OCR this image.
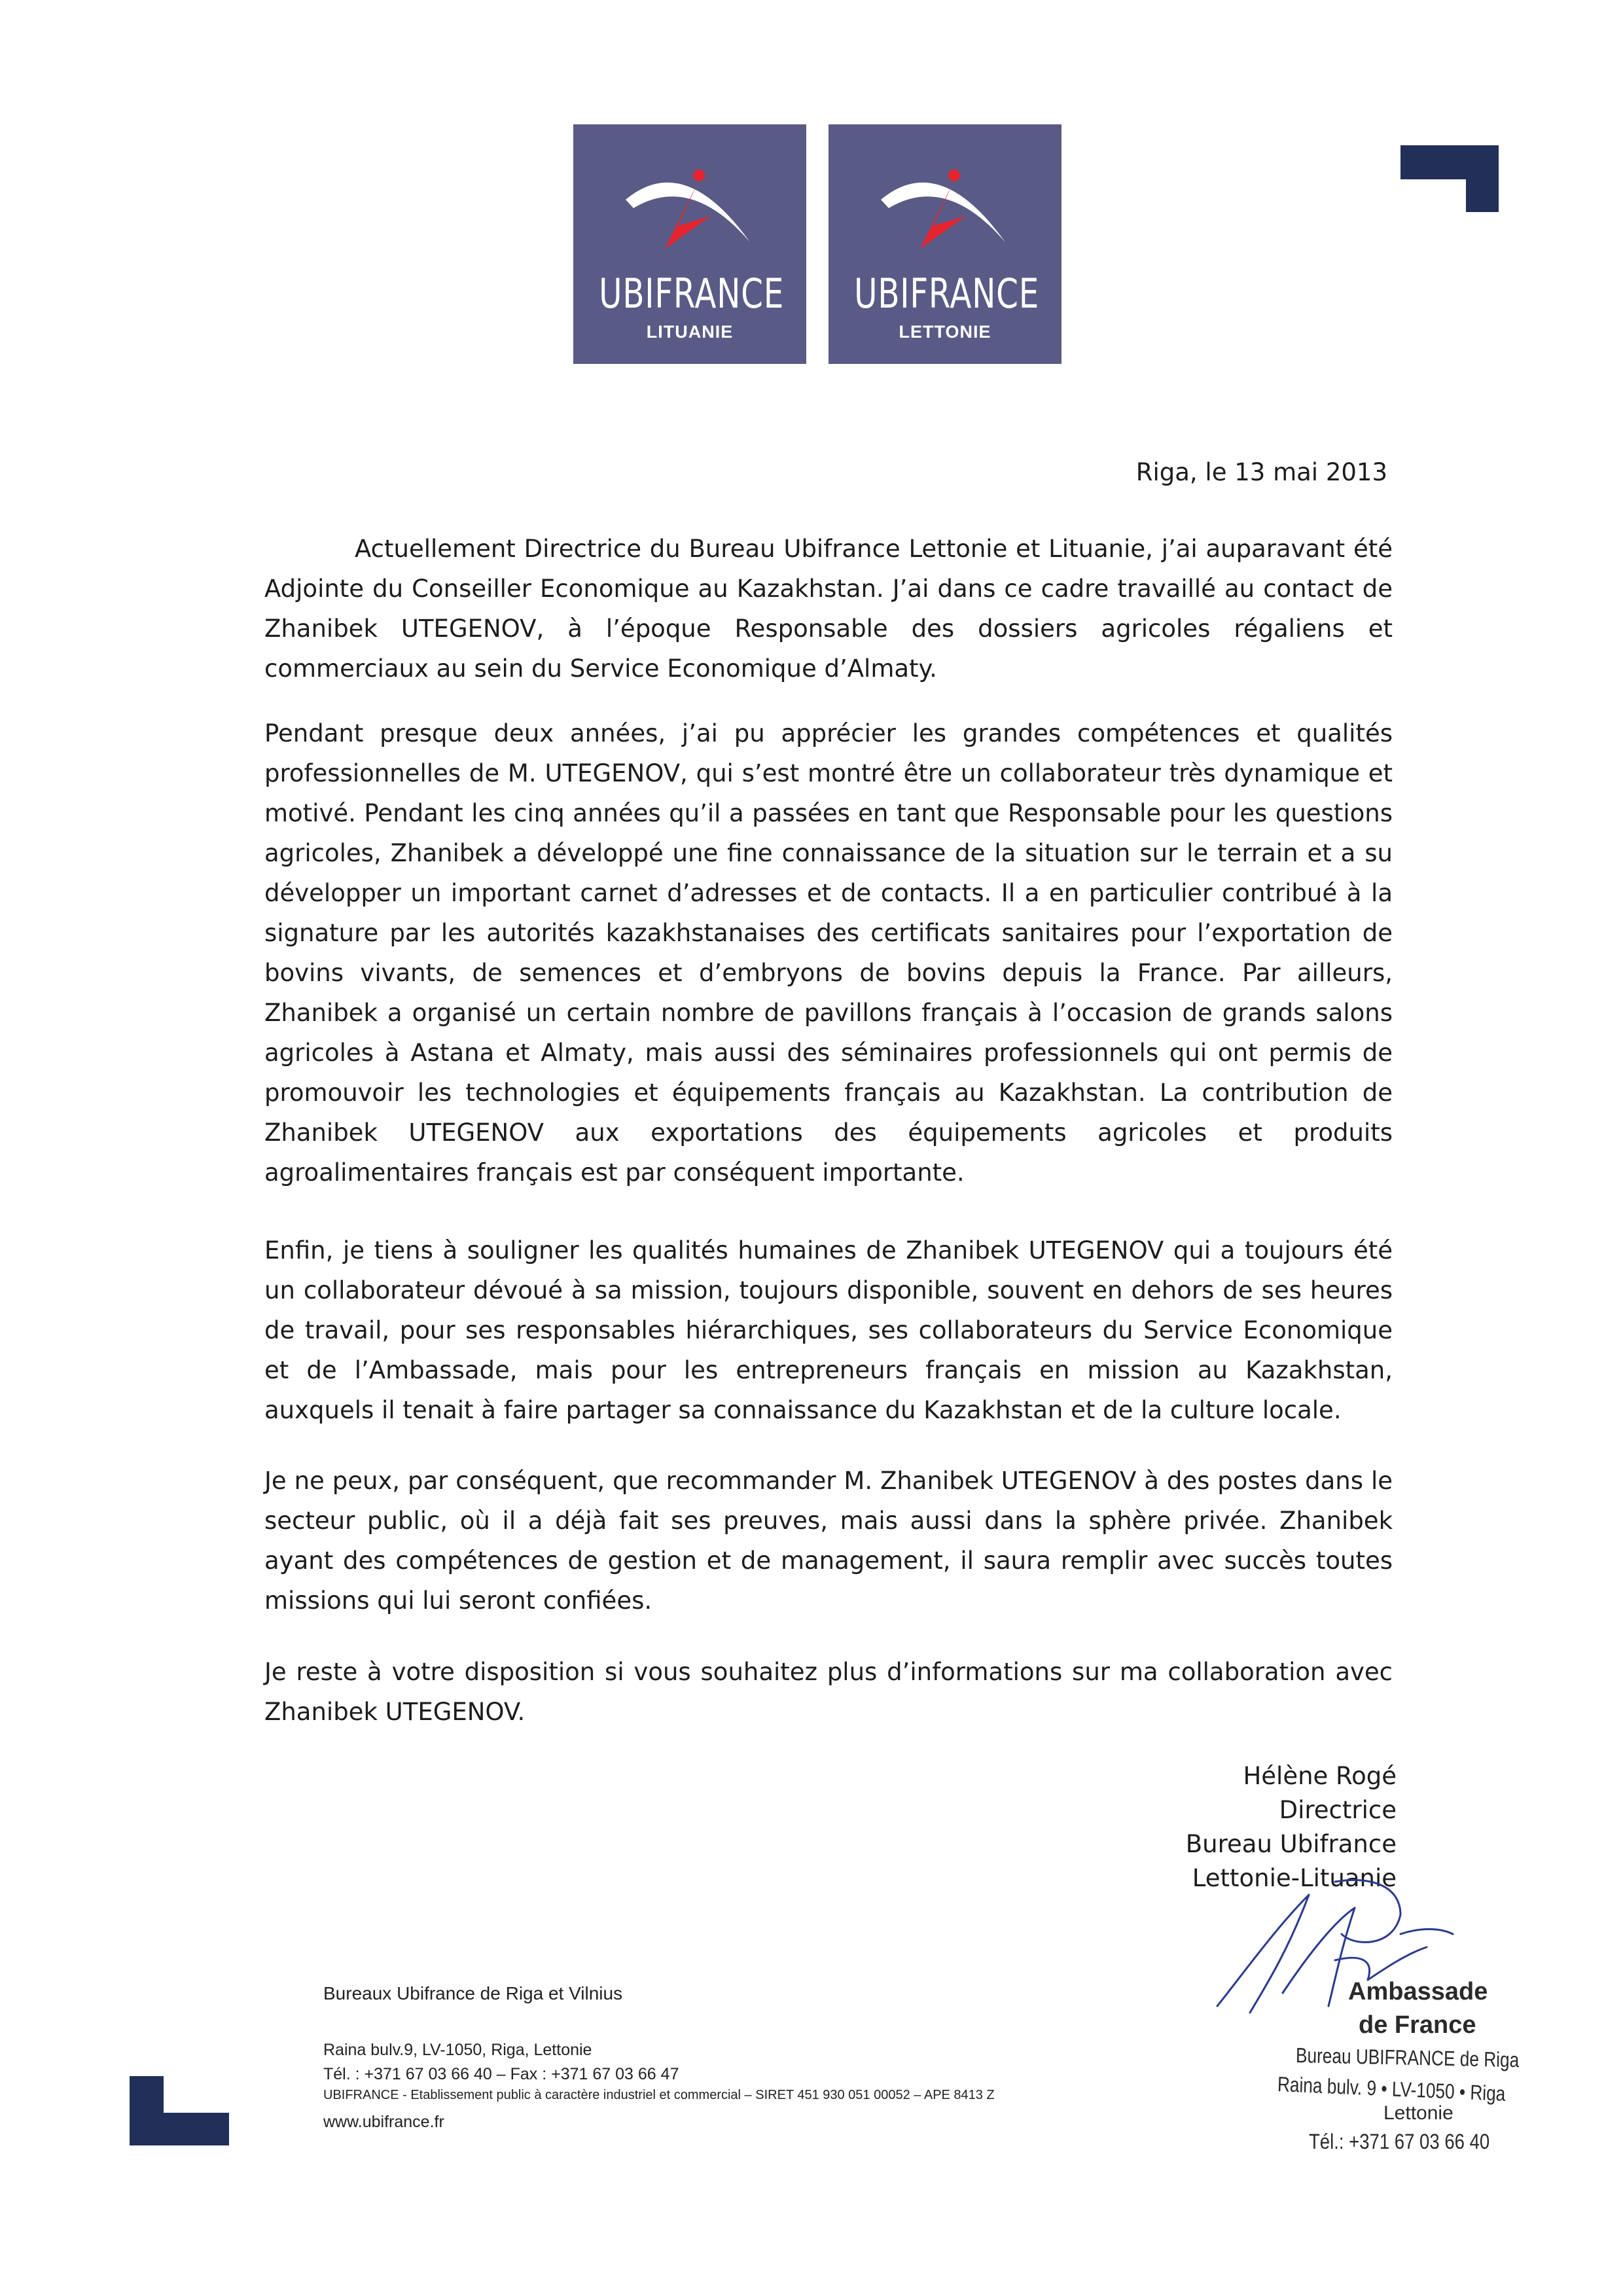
UBIFRANCE
LITUANIE
UBIFRANCE
LETTONIE
Riga, le 13 mai 2013

Actuellement Directrice du Bureau Ubifrance Lettonie et Lituanie, j’ai auparavant été Adjointe du Conseiller Economique au Kazakhstan. J’ai dans ce cadre travaillé au contact de Zhanibek UTEGENOV, à l’époque Responsable des dossiers agricoles régaliens et commerciaux au sein du Service Economique d’Almaty.

Pendant presque deux années, j’ai pu apprécier les grandes compétences et qualités professionnelles de M. UTEGENOV, qui s’est montré être un collaborateur très dynamique et motivé. Pendant les cinq années qu’il a passées en tant que Responsable pour les questions agricoles, Zhanibek a développé une fine connaissance de la situation sur le terrain et a su développer un important carnet d’adresses et de contacts. Il a en particulier contribué à la signature par les autorités kazakhstanaises des certificats sanitaires pour l’exportation de bovins vivants, de semences et d’embryons de bovins depuis la France. Par ailleurs, Zhanibek a organisé un certain nombre de pavillons français à l’occasion de grands salons agricoles à Astana et Almaty, mais aussi des séminaires professionnels qui ont permis de promouvoir les technologies et équipements français au Kazakhstan. La contribution de Zhanibek UTEGENOV aux exportations des équipements agricoles et produits agroalimentaires français est par conséquent importante.

Enfin, je tiens à souligner les qualités humaines de Zhanibek UTEGENOV qui a toujours été un collaborateur dévoué à sa mission, toujours disponible, souvent en dehors de ses heures de travail, pour ses responsables hiérarchiques, ses collaborateurs du Service Economique et de l’Ambassade, mais pour les entrepreneurs français en mission au Kazakhstan, auxquels il tenait à faire partager sa connaissance du Kazakhstan et de la culture locale.

Je ne peux, par conséquent, que recommander M. Zhanibek UTEGENOV à des postes dans le secteur public, où il a déjà fait ses preuves, mais aussi dans la sphère privée. Zhanibek ayant des compétences de gestion et de management, il saura remplir avec succès toutes missions qui lui seront confiées.

Je reste à votre disposition si vous souhaitez plus d’informations sur ma collaboration avec Zhanibek UTEGENOV.

Hélène Rogé
Directrice
Bureau Ubifrance
Lettonie-Lituanie
Bureaux Ubifrance de Riga et Vilnius
Raina bulv.9, LV-1050, Riga, Lettonie
Tél. : +371 67 03 66 40 – Fax : +371 67 03 66 47
UBIFRANCE - Etablissement public à caractère industriel et commercial – SIRET 451 930 051 00052 – APE 8413 Z
www.ubifrance.fr
Ambassade
de France
Bureau UBIFRANCE de Riga
Raina bulv. 9 • LV-1050 • Riga
Lettonie
Tél.: +371 67 03 66 40
